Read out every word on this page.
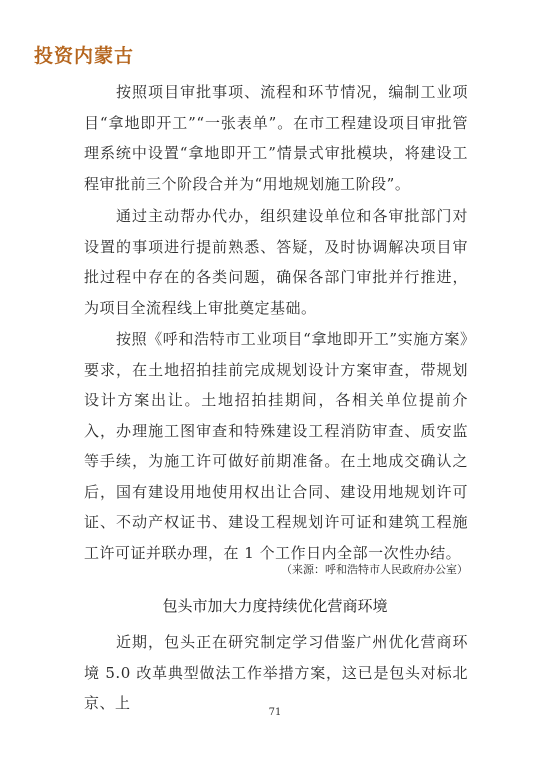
投资内蒙古

按照项目审批事项、流程和环节情况，编制工业项目“拿地即开工”“一张表单”。在市工程建设项目审批管理系统中设置“拿地即开工”情景式审批模块，将建设工程审批前三个阶段合并为“用地规划施工阶段”。

通过主动帮办代办，组织建设单位和各审批部门对设置的事项进行提前熟悉、答疑，及时协调解决项目审批过程中存在的各类问题，确保各部门审批并行推进，为项目全流程线上审批奠定基础。

按照《呼和浩特市工业项目“拿地即开工”实施方案》要求，在土地招拍挂前完成规划设计方案审查，带规划设计方案出让。土地招拍挂期间，各相关单位提前介入，办理施工图审查和特殊建设工程消防审查、质安监等手续，为施工许可做好前期准备。在土地成交确认之后，国有建设用地使用权出让合同、建设用地规划许可证、不动产权证书、建设工程规划许可证和建筑工程施工许可证并联办理，在 1 个工作日内全部一次性办结。

（来源：呼和浩特市人民政府办公室）
包头市加大力度持续优化营商环境

近期，包头正在研究制定学习借鉴广州优化营商环境 5.0 改革典型做法工作举措方案，这已是包头对标北京、上

71
